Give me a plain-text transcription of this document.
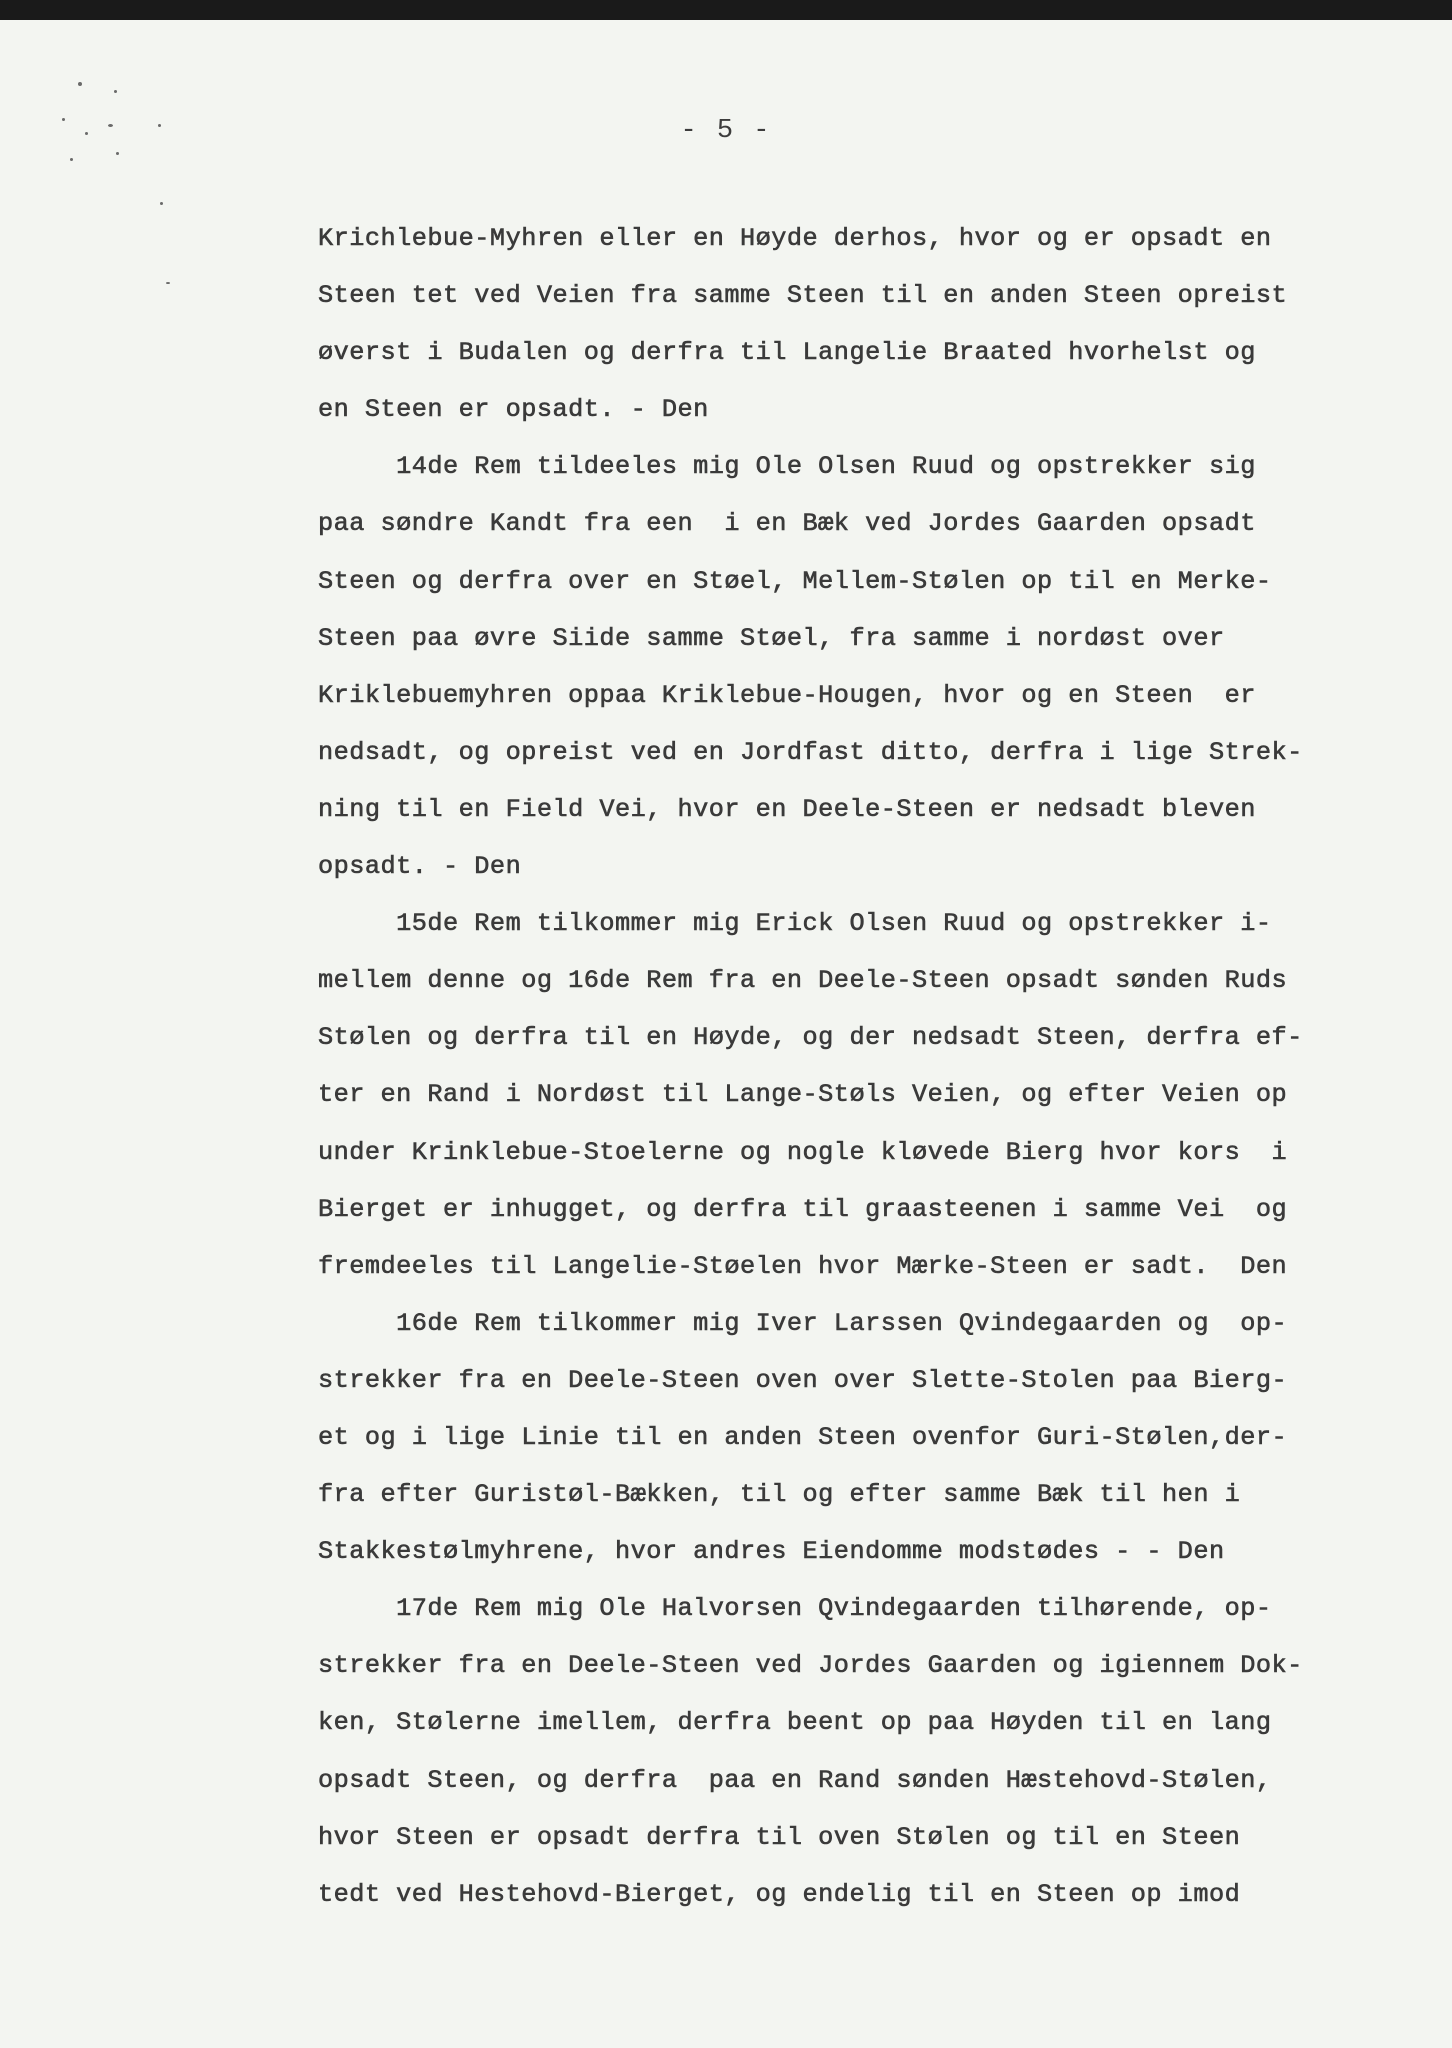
- 5 -
Krichlebue-Myhren eller en Høyde derhos, hvor og er opsadt en
Steen tet ved Veien fra samme Steen til en anden Steen opreist
øverst i Budalen og derfra til Langelie Braated hvorhelst og
en Steen er opsadt. - Den
14de Rem tildeeles mig Ole Olsen Ruud og opstrekker sig
paa søndre Kandt fra een  i en Bæk ved Jordes Gaarden opsadt
Steen og derfra over en Støel, Mellem-Stølen op til en Merke-
Steen paa øvre Siide samme Støel, fra samme i nordøst over
Kriklebuemyhren oppaa Kriklebue-Hougen, hvor og en Steen  er
nedsadt, og opreist ved en Jordfast ditto, derfra i lige Strek-
ning til en Field Vei, hvor en Deele-Steen er nedsadt bleven
opsadt. - Den
15de Rem tilkommer mig Erick Olsen Ruud og opstrekker i-
mellem denne og 16de Rem fra en Deele-Steen opsadt sønden Ruds
Stølen og derfra til en Høyde, og der nedsadt Steen, derfra ef-
ter en Rand i Nordøst til Lange-Støls Veien, og efter Veien op
under Krinklebue-Stoelerne og nogle kløvede Bierg hvor kors  i
Bierget er inhugget, og derfra til graasteenen i samme Vei  og
fremdeeles til Langelie-Støelen hvor Mærke-Steen er sadt.  Den
16de Rem tilkommer mig Iver Larssen Qvindegaarden og  op-
strekker fra en Deele-Steen oven over Slette-Stolen paa Bierg-
et og i lige Linie til en anden Steen ovenfor Guri-Stølen,der-
fra efter Guristøl-Bækken, til og efter samme Bæk til hen i
Stakkestølmyhrene, hvor andres Eiendomme modstødes - - Den
17de Rem mig Ole Halvorsen Qvindegaarden tilhørende, op-
strekker fra en Deele-Steen ved Jordes Gaarden og igiennem Dok-
ken, Stølerne imellem, derfra beent op paa Høyden til en lang
opsadt Steen, og derfra  paa en Rand sønden Hæstehovd-Stølen,
hvor Steen er opsadt derfra til oven Stølen og til en Steen
tedt ved Hestehovd-Bierget, og endelig til en Steen op imod
